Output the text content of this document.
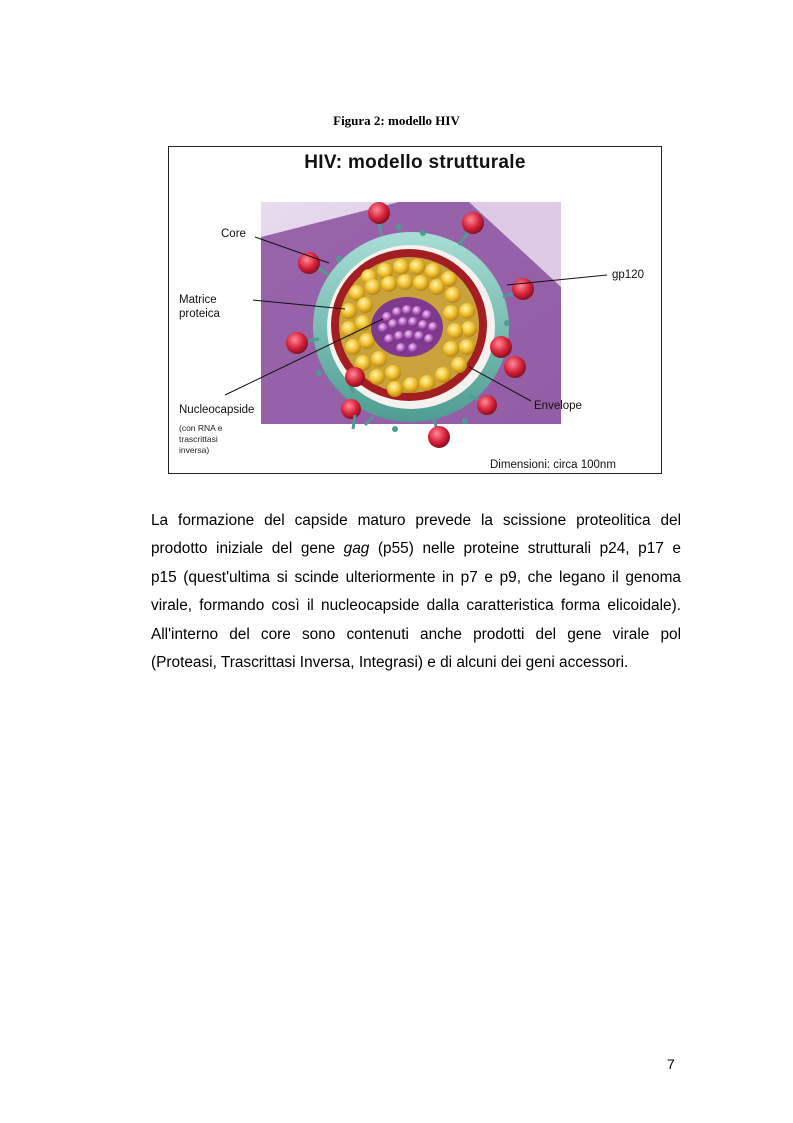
Figura 2: modello HIV
HIV: modello strutturale
Core
Matrice
proteica
gp120
Nucleocapside
(con RNA e
trascrittasi
inversa)
Envelope
Dimensioni: circa 100nm

La formazione del capside maturo prevede la scissione proteolitica del

prodotto iniziale del gene gag (p55) nelle proteine strutturali p24, p17 e

p15 (quest'ultima si scinde ulteriormente in p7 e p9, che legano il genoma

virale, formando così il nucleocapside dalla caratteristica forma elicoidale).

All'interno del core sono contenuti anche prodotti del gene virale pol

(Proteasi, Trascrittasi Inversa, Integrasi) e di alcuni dei geni accessori.

7
